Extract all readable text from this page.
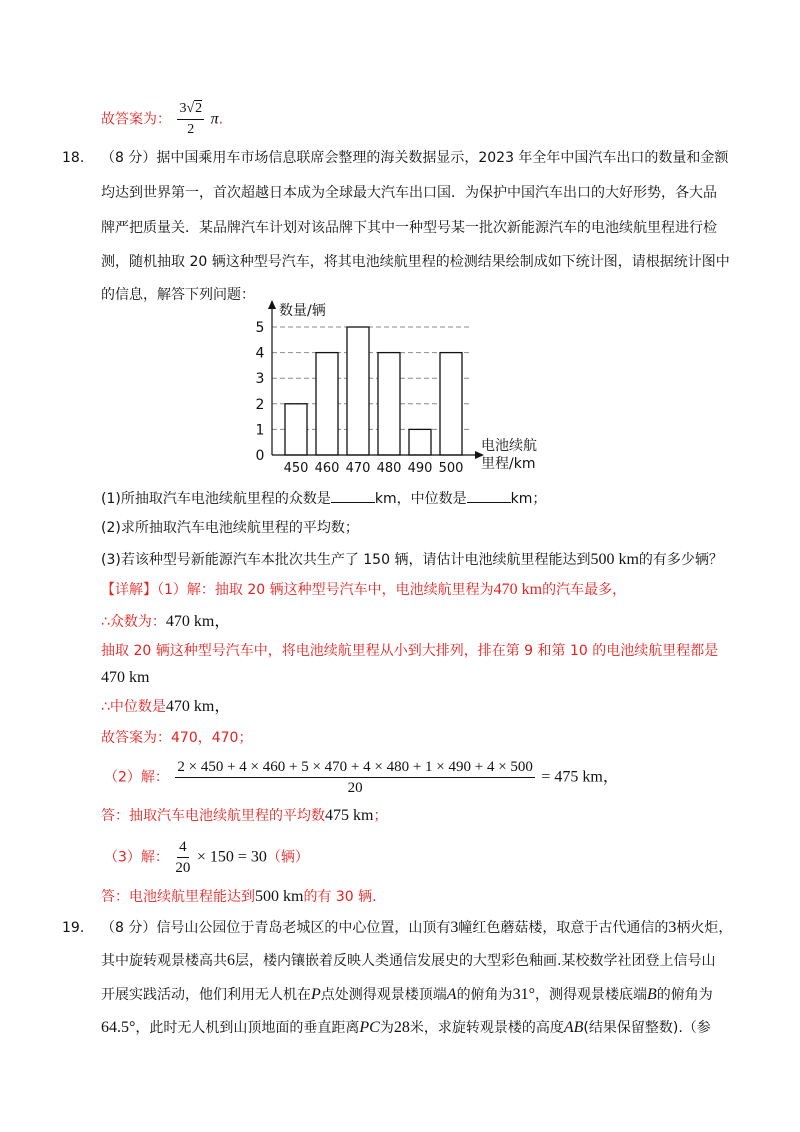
故答案为： $\frac{3√2}{2} \pi$.
18. （8 分）据中国乘用车市场信息联席会整理的海关数据显示，2023 年全年中国汽车出口的数量和金额
均达到世界第一，首次超越日本成为全球最大汽车出口国．为保护中国汽车出口的大好形势，各大品
牌严把质量关．某品牌汽车计划对该品牌下其中一种型号某一批次新能源汽车的电池续航里程进行检
测，随机抽取 20 辆这种型号汽车，将其电池续航里程的检测结果绘制成如下统计图，请根据统计图中
的信息，解答下列问题：
1
2
3
4
5
450 460 470 480 490 500
数量/辆
电池续航
里程/km
0
(1)所抽取汽车电池续航里程的众数是	km，中位数是	km；
(2)求所抽取汽车电池续航里程的平均数；
(3)若该种型号新能源汽车本批次共生产了 150 辆，请估计电池续航里程能达到500 km的有多少辆？
【详解】（1）解：抽取 20 辆这种型号汽车中，电池续航里程为470 km的汽车最多，
∴众数为：470 km，
抽取 20 辆这种型号汽车中，将电池续航里程从小到大排列，排在第 9 和第 10 的电池续航里程都是
470 km
∴中位数是470 km，
故答案为：470，470；
（2）解： $\frac{2 \times 450 + 4 \times 460 + 5 \times 470 + 4 \times 480 + 1 \times 490 + 4 \times 500}{20} = 475$ km，
答：抽取汽车电池续航里程的平均数475 km；
（3）解： $\frac{4}{20} \times 150 = 30$（辆）
答：电池续航里程能达到500 km的有 30 辆.
19. （8 分）信号山公园位于青岛老城区的中心位置，山顶有3幢红色蘑菇楼，取意于古代通信的3柄火炬，
其中旋转观景楼高共6层，楼内镶嵌着反映人类通信发展史的大型彩色釉画.某校数学社团登上信号山
开展实践活动，他们利用无人机在P点处测得观景楼顶端A的俯角为31°，测得观景楼底端B的俯角为
64.5°，此时无人机到山顶地面的垂直距离PC为28米，求旋转观景楼的高度AB(结果保留整数).（参
